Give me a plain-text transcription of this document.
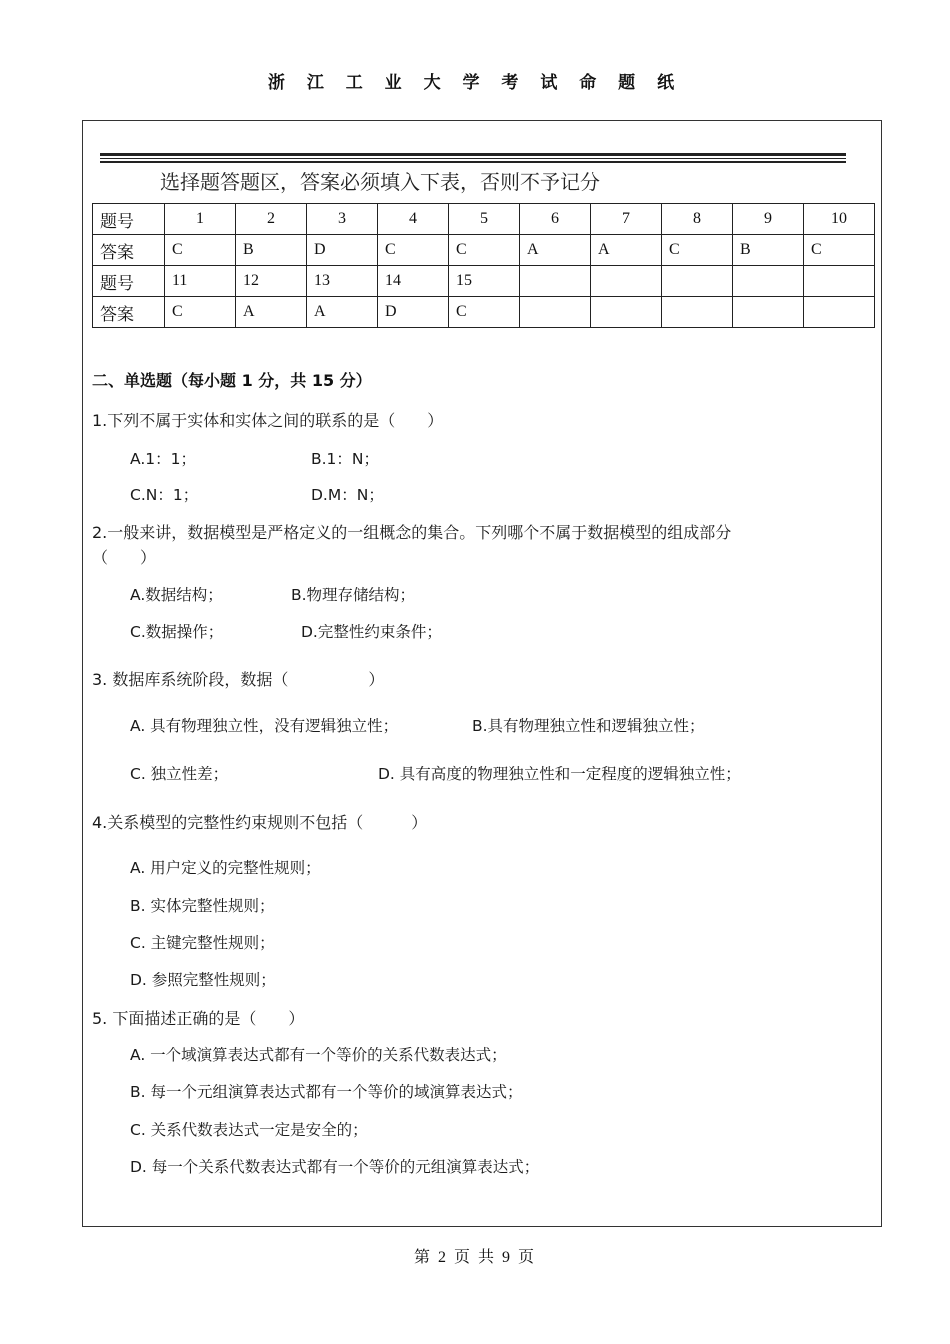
浙 江 工 业 大 学 考 试 命 题 纸
选择题答题区，答案必须填入下表，否则不予记分
题号	1	2	3	4	5	6	7	8	9	10
答案	C	B	D	C	C	A	A	C	B	C
题号	11	12	13	14	15					
答案	C	A	A	D	C					
二、单选题（每小题 1 分，共 15 分）
1.下列不属于实体和实体之间的联系的是（　　）
A.1：1；	B.1：N；
C.N：1；	D.M：N；
2.一般来讲，数据模型是严格定义的一组概念的集合。下列哪个不属于数据模型的组成部分
（　　）
A.数据结构；	B.物理存储结构；
C.数据操作；	D.完整性约束条件；
3. 数据库系统阶段，数据（　　　　　）
A. 具有物理独立性，没有逻辑独立性；	B.具有物理独立性和逻辑独立性；
C. 独立性差；	D. 具有高度的物理独立性和一定程度的逻辑独立性；
4.关系模型的完整性约束规则不包括（　　　）
A. 用户定义的完整性规则；
B. 实体完整性规则；
C. 主键完整性规则；
D. 参照完整性规则；
5. 下面描述正确的是（　　）
A. 一个域演算表达式都有一个等价的关系代数表达式；
B. 每一个元组演算表达式都有一个等价的域演算表达式；
C. 关系代数表达式一定是安全的；
D. 每一个关系代数表达式都有一个等价的元组演算表达式；
第 2 页 共 9 页
